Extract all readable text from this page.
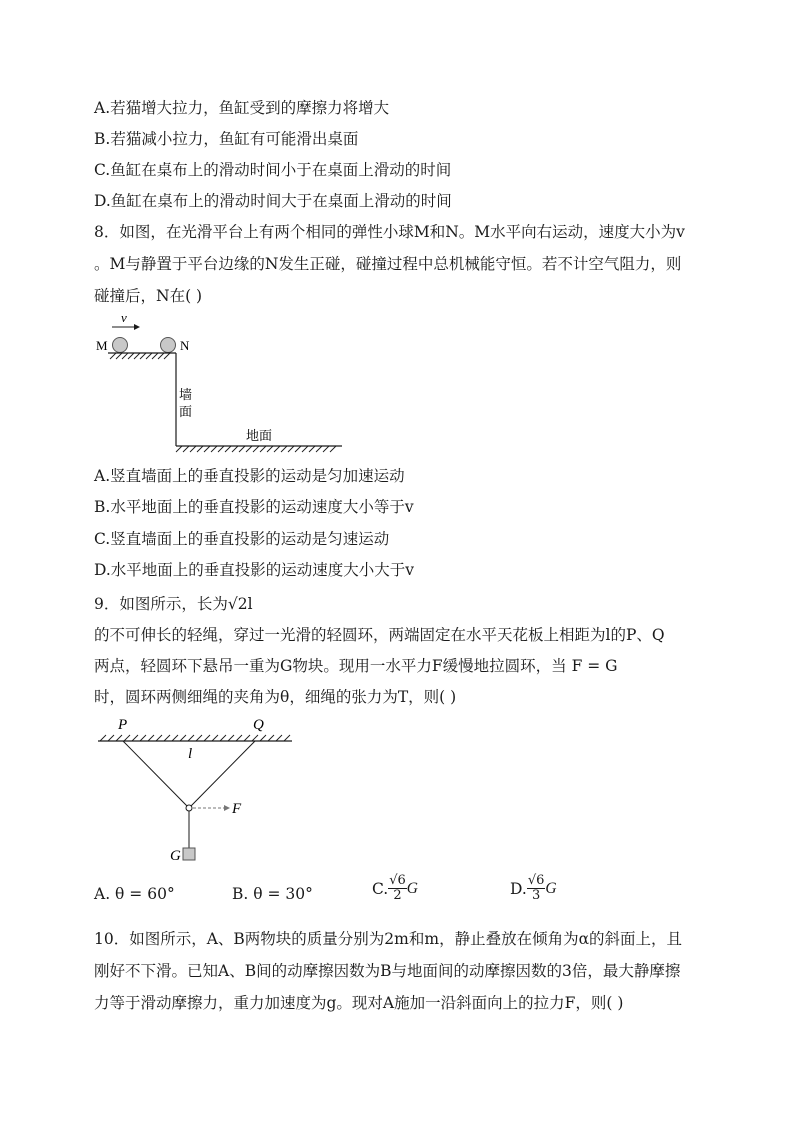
A.若猫增大拉力，鱼缸受到的摩擦力将增大
B.若猫减小拉力，鱼缸有可能滑出桌面
C.鱼缸在桌布上的滑动时间小于在桌面上滑动的时间
D.鱼缸在桌布上的滑动时间大于在桌面上滑动的时间
8．如图，在光滑平台上有两个相同的弹性小球M和N。M水平向右运动，速度大小为v
。M与静置于平台边缘的N发生正碰，碰撞过程中总机械能守恒。若不计空气阻力，则
碰撞后，N在( )
v
M	N
墙
面
地面
A.竖直墙面上的垂直投影的运动是匀加速运动
B.水平地面上的垂直投影的运动速度大小等于v
C.竖直墙面上的垂直投影的运动是匀速运动
D.水平地面上的垂直投影的运动速度大小大于v
9．如图所示，长为√2l
的不可伸长的轻绳，穿过一光滑的轻圆环，两端固定在水平天花板上相距为l的P、Q
两点，轻圆环下悬吊一重为G物块。现用一水平力F缓慢地拉圆环，当 F = G
时，圆环两侧细绳的夹角为θ，细绳的张力为T，则( )
P	Q
l
F
G
A. θ = 60°	B. θ = 30°	C. $\frac{√6}{2}$ G	D. $\frac{√6}{3}$ G
10．如图所示，A、B两物块的质量分别为2m和m，静止叠放在倾角为α的斜面上，且
刚好不下滑。已知A、B间的动摩擦因数为B与地面间的动摩擦因数的3倍，最大静摩擦
力等于滑动摩擦力，重力加速度为g。现对A施加一沿斜面向上的拉力F，则( )
